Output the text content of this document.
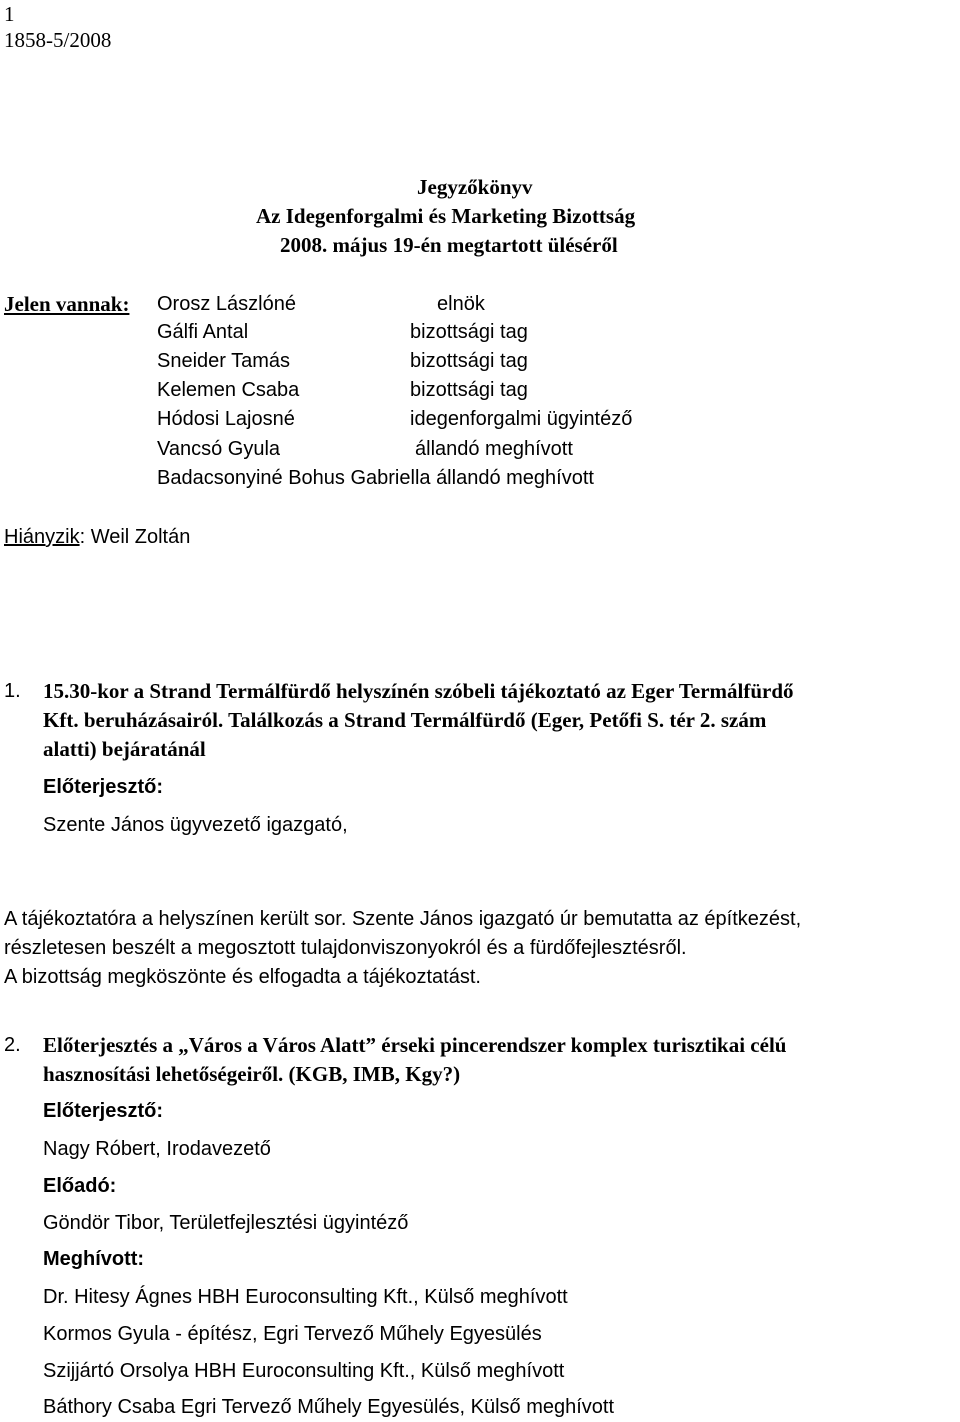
1
1858-5/2008
Jegyzőkönyv
Az Idegenforgalmi és Marketing Bizottság
2008. május 19-én megtartott üléséről
Jelen vannak: Orosz Lászlóné	elnök
Gálfi Antal	bizottsági tag
Sneider Tamás	bizottsági tag
Kelemen Csaba	bizottsági tag
Hódosi Lajosné	idegenforgalmi ügyintéző
Vancsó Gyula	állandó meghívott
Badacsonyiné Bohus Gabriella állandó meghívott
Hiányzik: Weil Zoltán
1. 15.30-kor a Strand Termálfürdő helyszínén szóbeli tájékoztató az Eger Termálfürdő
Kft. beruházásairól. Találkozás a Strand Termálfürdő (Eger, Petőfi S. tér 2. szám
alatti) bejáratánál
Előterjesztő:
Szente János ügyvezető igazgató,
A tájékoztatóra a helyszínen került sor. Szente János igazgató úr bemutatta az építkezést,
részletesen beszélt a megosztott tulajdonviszonyokról és a fürdőfejlesztésről.
A bizottság megköszönte és elfogadta a tájékoztatást.
2. Előterjesztés a „Város a Város Alatt” érseki pincerendszer komplex turisztikai célú
hasznosítási lehetőségeiről. (KGB, IMB, Kgy?)
Előterjesztő:
Nagy Róbert, Irodavezető
Előadó:
Göndör Tibor, Területfejlesztési ügyintéző
Meghívott:
Dr. Hitesy Ágnes HBH Euroconsulting Kft., Külső meghívott
Kormos Gyula - építész, Egri Tervező Műhely Egyesülés
Szijjártó Orsolya HBH Euroconsulting Kft., Külső meghívott
Báthory Csaba Egri Tervező Műhely Egyesülés, Külső meghívott
